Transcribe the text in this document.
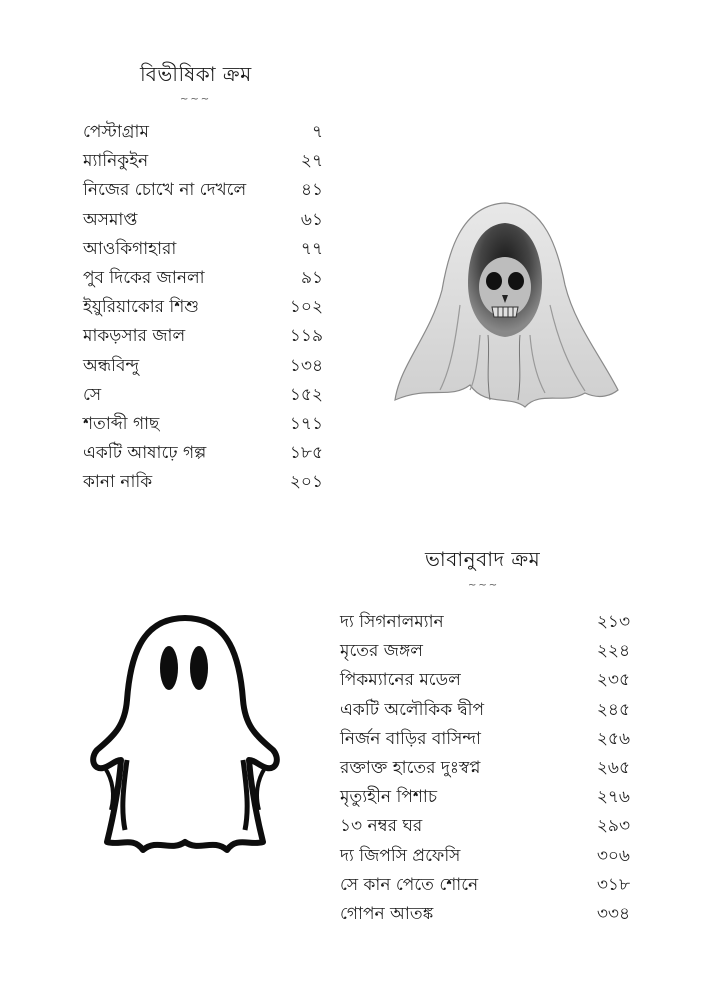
বিভীষিকা ক্রম
~~~
পেস্টাগ্রাম	৭
ম্যানিকুইন	২৭
নিজের চোখে না দেখলে	৪১
অসমাপ্ত	৬১
আওকিগাহারা	৭৭
পুব দিকের জানলা	৯১
ইয়ুরিয়াকোর শিশু	১০২
মাকড়সার জাল	১১৯
অন্ধবিন্দু	১৩৪
সে	১৫২
শতাব্দী গাছ	১৭১
একটি আষাঢ়ে গল্প	১৮৫
কানা নাকি	২০১
ভাবানুবাদ ক্রম
~~~
দ্য সিগনালম্যান	২১৩
মৃতের জঙ্গল	২২৪
পিকম্যানের মডেল	২৩৫
একটি অলৌকিক দ্বীপ	২৪৫
নির্জন বাড়ির বাসিন্দা	২৫৬
রক্তাক্ত হাতের দুঃস্বপ্ন	২৬৫
মৃত্যুহীন পিশাচ	২৭৬
১৩ নম্বর ঘর	২৯৩
দ্য জিপসি প্রফেসি	৩০৬
সে কান পেতে শোনে	৩১৮
গোপন আতঙ্ক	৩৩৪
